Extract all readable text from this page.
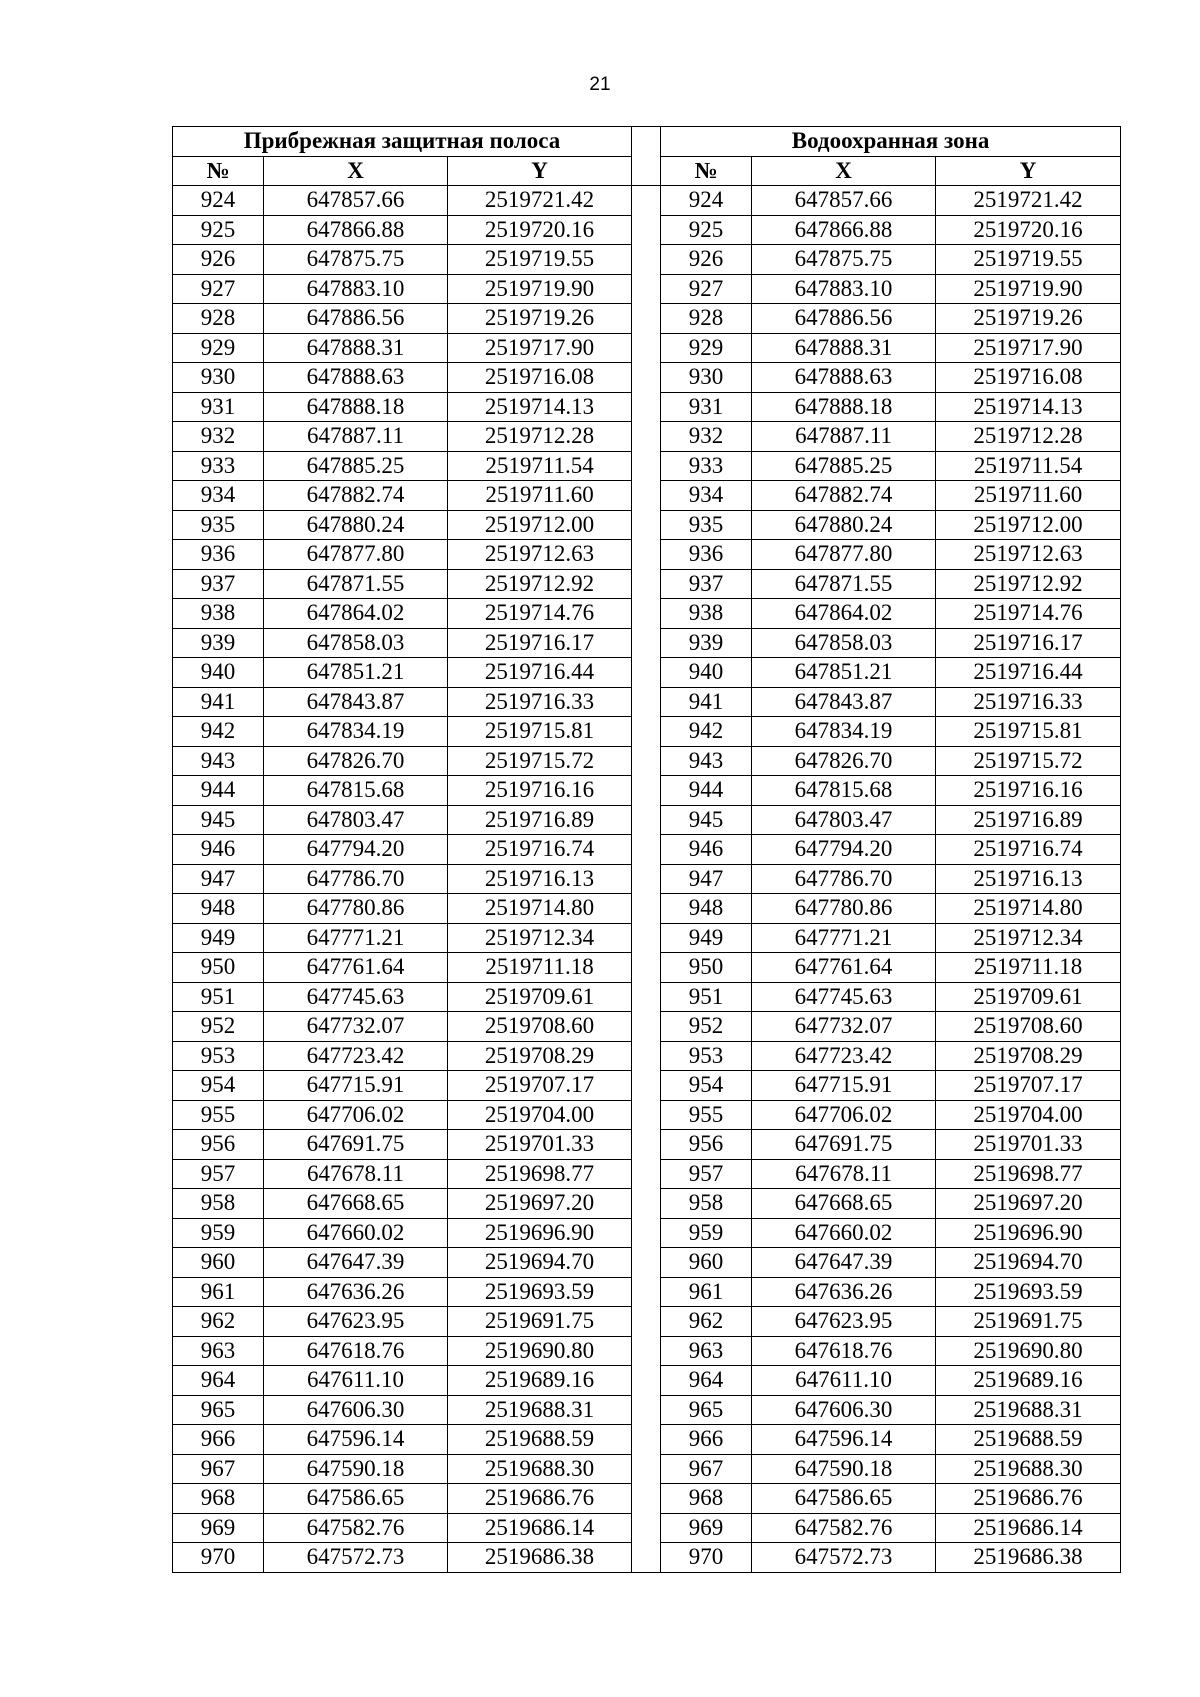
21
Прибрежная защитная полоса				Водоохранная зона		
№	X	Y		№	X	Y
924	647857.66	2519721.42		924	647857.66	2519721.42
925	647866.88	2519720.16		925	647866.88	2519720.16
926	647875.75	2519719.55		926	647875.75	2519719.55
927	647883.10	2519719.90		927	647883.10	2519719.90
928	647886.56	2519719.26		928	647886.56	2519719.26
929	647888.31	2519717.90		929	647888.31	2519717.90
930	647888.63	2519716.08		930	647888.63	2519716.08
931	647888.18	2519714.13		931	647888.18	2519714.13
932	647887.11	2519712.28		932	647887.11	2519712.28
933	647885.25	2519711.54		933	647885.25	2519711.54
934	647882.74	2519711.60		934	647882.74	2519711.60
935	647880.24	2519712.00		935	647880.24	2519712.00
936	647877.80	2519712.63		936	647877.80	2519712.63
937	647871.55	2519712.92		937	647871.55	2519712.92
938	647864.02	2519714.76		938	647864.02	2519714.76
939	647858.03	2519716.17		939	647858.03	2519716.17
940	647851.21	2519716.44		940	647851.21	2519716.44
941	647843.87	2519716.33		941	647843.87	2519716.33
942	647834.19	2519715.81		942	647834.19	2519715.81
943	647826.70	2519715.72		943	647826.70	2519715.72
944	647815.68	2519716.16		944	647815.68	2519716.16
945	647803.47	2519716.89		945	647803.47	2519716.89
946	647794.20	2519716.74		946	647794.20	2519716.74
947	647786.70	2519716.13		947	647786.70	2519716.13
948	647780.86	2519714.80		948	647780.86	2519714.80
949	647771.21	2519712.34		949	647771.21	2519712.34
950	647761.64	2519711.18		950	647761.64	2519711.18
951	647745.63	2519709.61		951	647745.63	2519709.61
952	647732.07	2519708.60		952	647732.07	2519708.60
953	647723.42	2519708.29		953	647723.42	2519708.29
954	647715.91	2519707.17		954	647715.91	2519707.17
955	647706.02	2519704.00		955	647706.02	2519704.00
956	647691.75	2519701.33		956	647691.75	2519701.33
957	647678.11	2519698.77		957	647678.11	2519698.77
958	647668.65	2519697.20		958	647668.65	2519697.20
959	647660.02	2519696.90		959	647660.02	2519696.90
960	647647.39	2519694.70		960	647647.39	2519694.70
961	647636.26	2519693.59		961	647636.26	2519693.59
962	647623.95	2519691.75		962	647623.95	2519691.75
963	647618.76	2519690.80		963	647618.76	2519690.80
964	647611.10	2519689.16		964	647611.10	2519689.16
965	647606.30	2519688.31		965	647606.30	2519688.31
966	647596.14	2519688.59		966	647596.14	2519688.59
967	647590.18	2519688.30		967	647590.18	2519688.30
968	647586.65	2519686.76		968	647586.65	2519686.76
969	647582.76	2519686.14		969	647582.76	2519686.14
970	647572.73	2519686.38		970	647572.73	2519686.38
